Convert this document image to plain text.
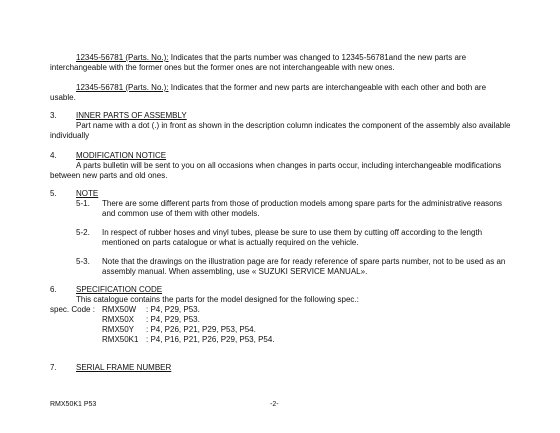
12345-56781 (Parts. No.): Indicates that the parts number was changed to 12345-56781and the new parts are interchangeable with the former ones but the former ones are not interchangeable with new ones.

12345-56781 (Parts. No.): Indicates that the former and new parts are interchangeable with each other and both are usable.

3. INNER PARTS OF ASSEMBLY

Part name with a dot (.) in front as shown in the description column indicates the component of the assembly also available individually

4. MODIFICATION NOTICE

A parts bulletin will be sent to you on all occasions when changes in parts occur, including interchangeable modifications between new parts and old ones.

5. NOTE
5-1. There are some different parts from those of production models among spare parts for the administrative reasons and common use of them with other models.

5-2. In respect of rubber hoses and vinyl tubes, please be sure to use them by cutting off according to the length mentioned on parts catalogue or what is actually required on the vehicle.

5-3. Note that the drawings on the illustration page are for ready reference of spare parts number, not to be used as an assembly manual. When assembling, use « SUZUKI SERVICE MANUAL».

6. SPECIFICATION CODE

This catalogue contains the parts for the model designed for the following spec.:

spec. Code : RMX50W : P4, P29, P53.
RMX50X : P4, P29, P53.
RMX50Y : P4, P26, P21, P29, P53, P54.
RMX50K1 : P4, P16, P21, P26, P29, P53, P54.
7. SERIAL FRAME NUMBER
RMX50K1 P53	-2-
